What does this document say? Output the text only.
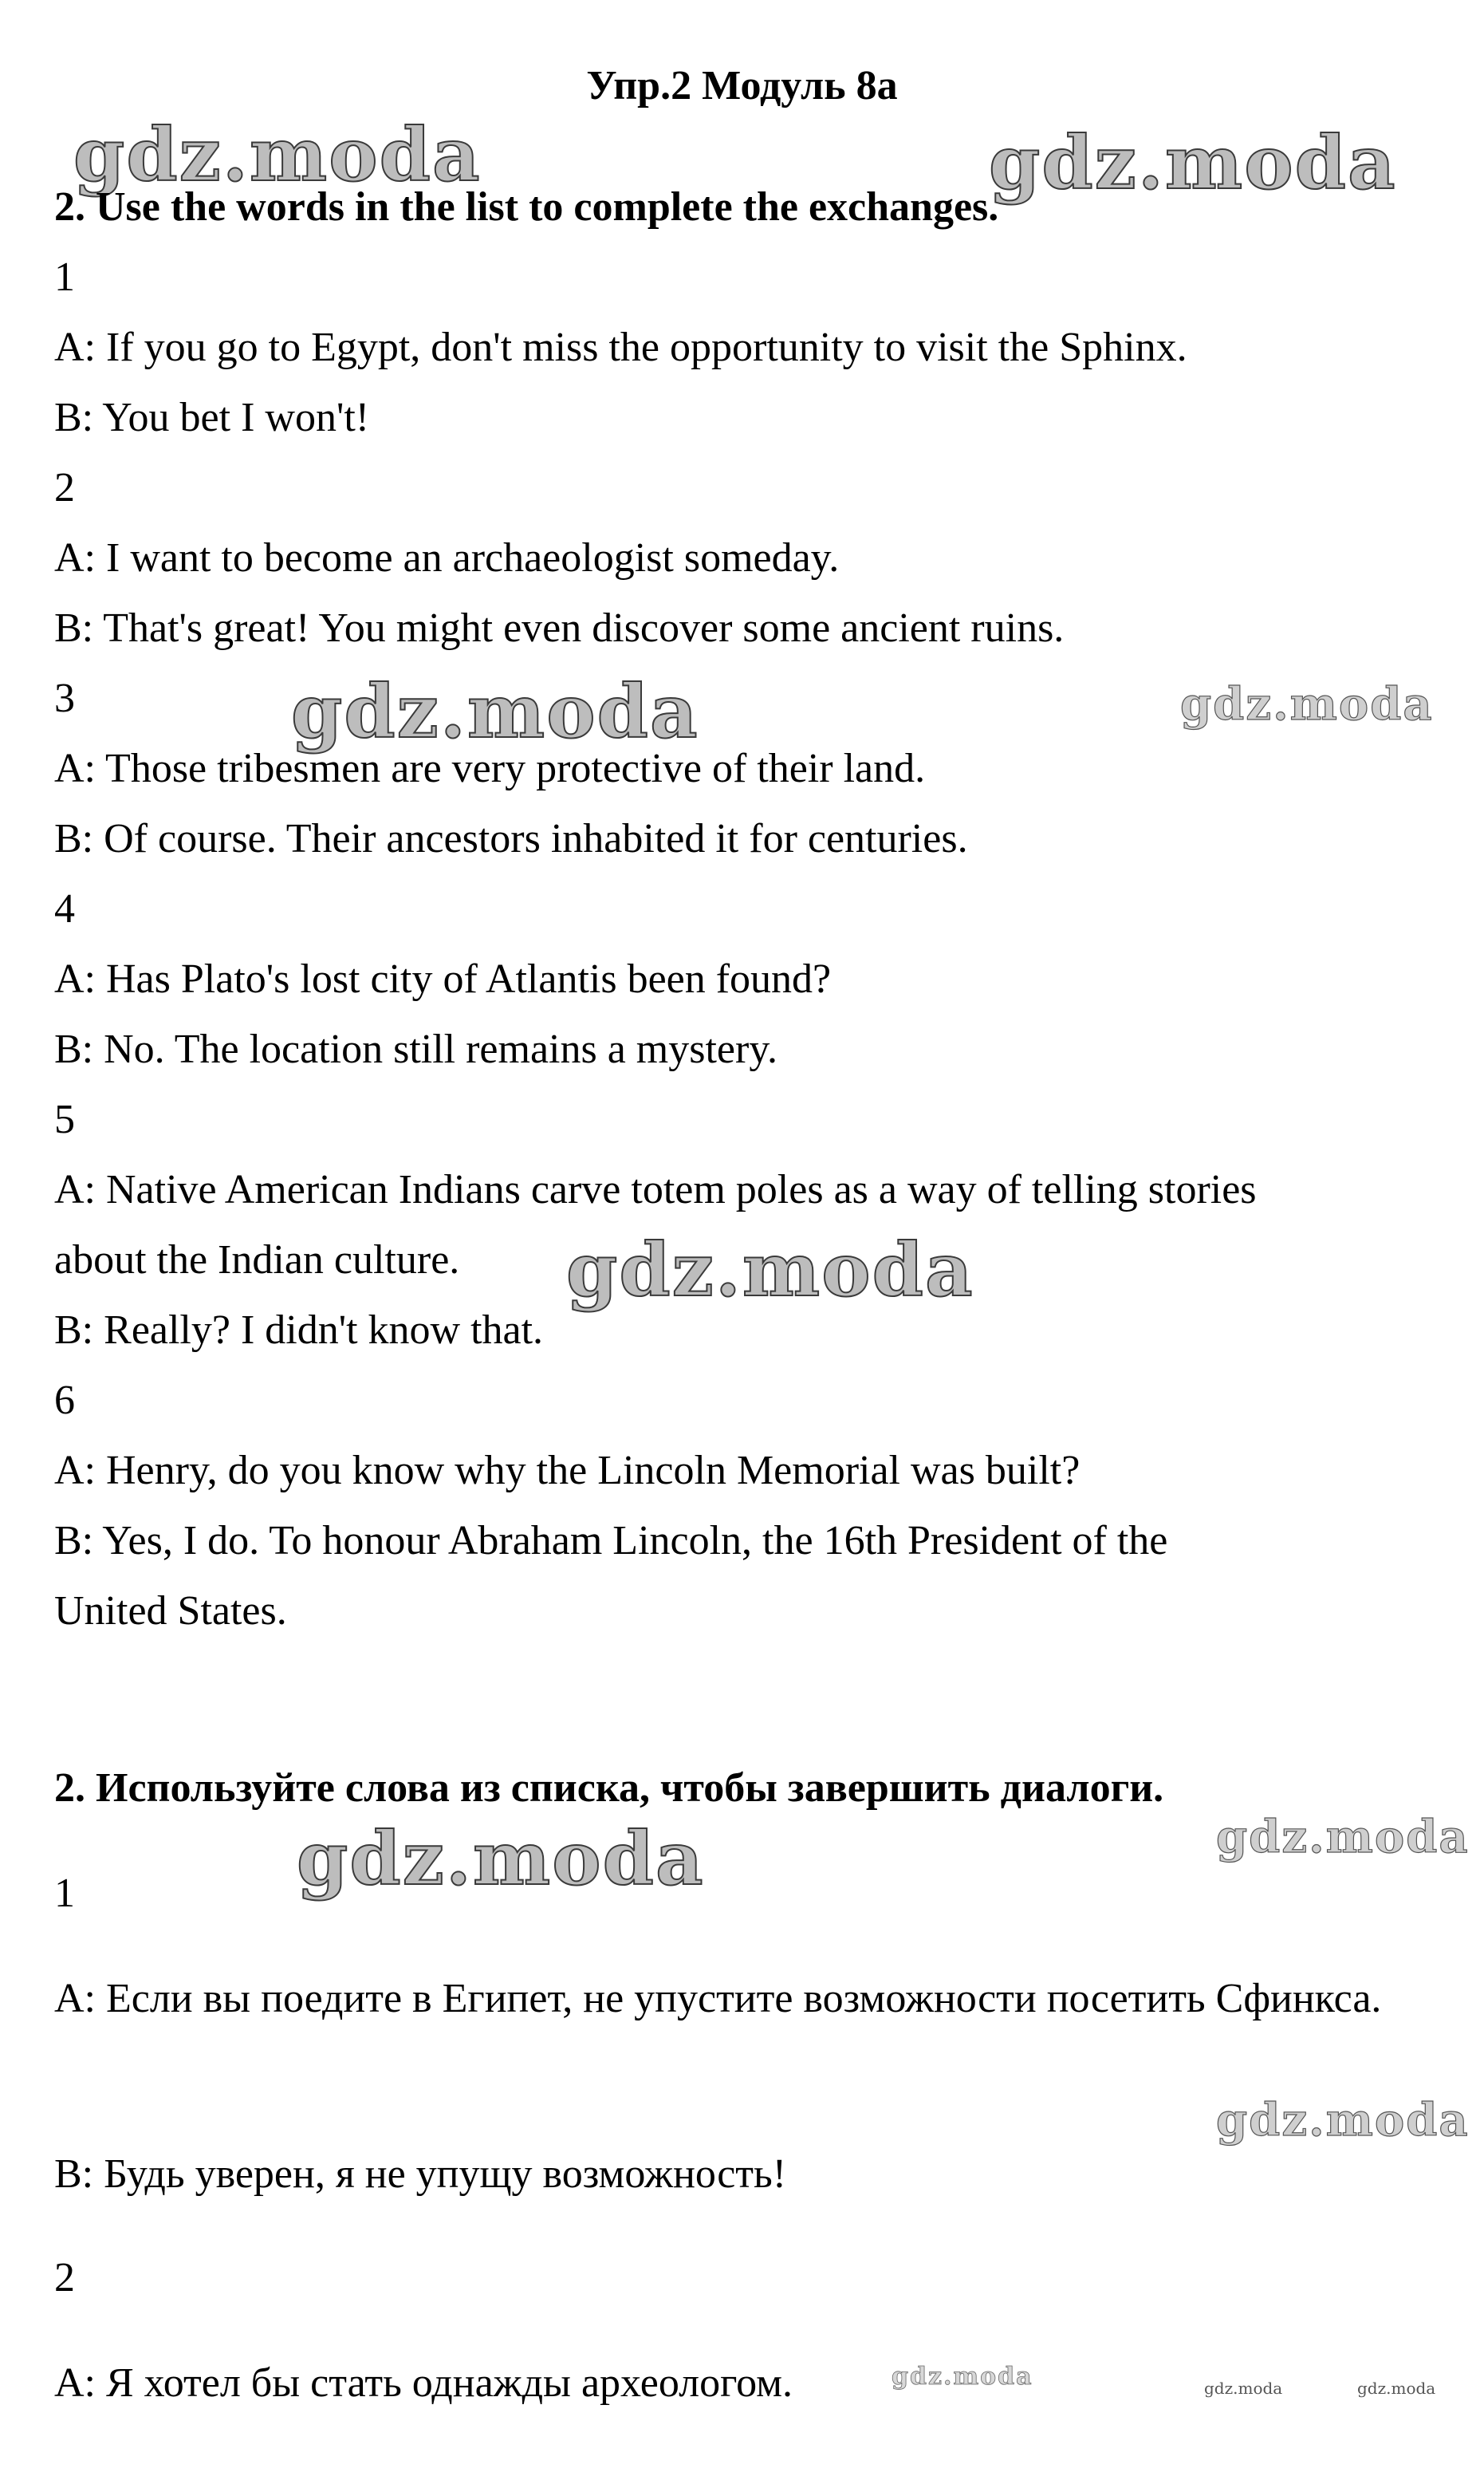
Упр.2 Модуль 8а
gdz.moda	gdz.moda
gdz.moda	gdz.moda
gdz.moda
gdz.moda	gdz.moda
gdz.moda
gdz.moda	gdz.moda	gdz.moda
2. Use the words in the list to complete the exchanges.
1
A: If you go to Egypt, don't miss the opportunity to visit the Sphinx.
B: You bet I won't!
2
A: I want to become an archaeologist someday.
B: That's great! You might even discover some ancient ruins.
3
A: Those tribesmen are very protective of their land.
B: Of course. Their ancestors inhabited it for centuries.
4
A: Has Plato's lost city of Atlantis been found?
B: No. The location still remains a mystery.
5
A: Native American Indians carve totem poles as a way of telling stories
about the Indian culture.
B: Really? I didn't know that.
6
A: Henry, do you know why the Lincoln Memorial was built?
B: Yes, I do. To honour Abraham Lincoln, the 16th President of the
United States.
2. Используйте слова из списка, чтобы завершить диалоги.
1
A: Если вы поедите в Египет, не упустите возможности посетить Сфинкса.
B: Будь уверен, я не упущу возможность!
2
A: Я хотел бы стать однажды археологом.
